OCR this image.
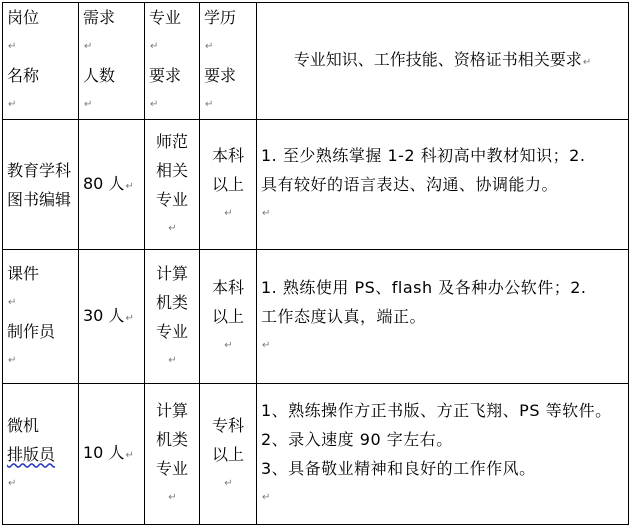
岗位
↵
名称
↵	需求
↵
人数
↵	专业
↵
要求
↵	学历
↵
要求
↵	专业知识、工作技能、资格证书相关要求↵

教育学科
图书编辑	80 人↵	师范
相关
专业
↵	本科
以上
↵	1. 至少熟练掌握 1-2 科初高中教材知识；2.
具有较好的语言表达、沟通、协调能力。
↵

课件
↵
制作员
↵	30 人↵	计算
机类
专业
↵	本科
以上
↵	1. 熟练使用 PS、flash 及各种办公软件；2.
工作态度认真，端正。
↵

微机
排版员
↵	10 人↵	计算
机类
专业
↵	专科
以上
↵	1、熟练操作方正书版、方正飞翔、PS 等软件。
2、录入速度 90 字左右。
3、具备敬业精神和良好的工作作风。
↵
